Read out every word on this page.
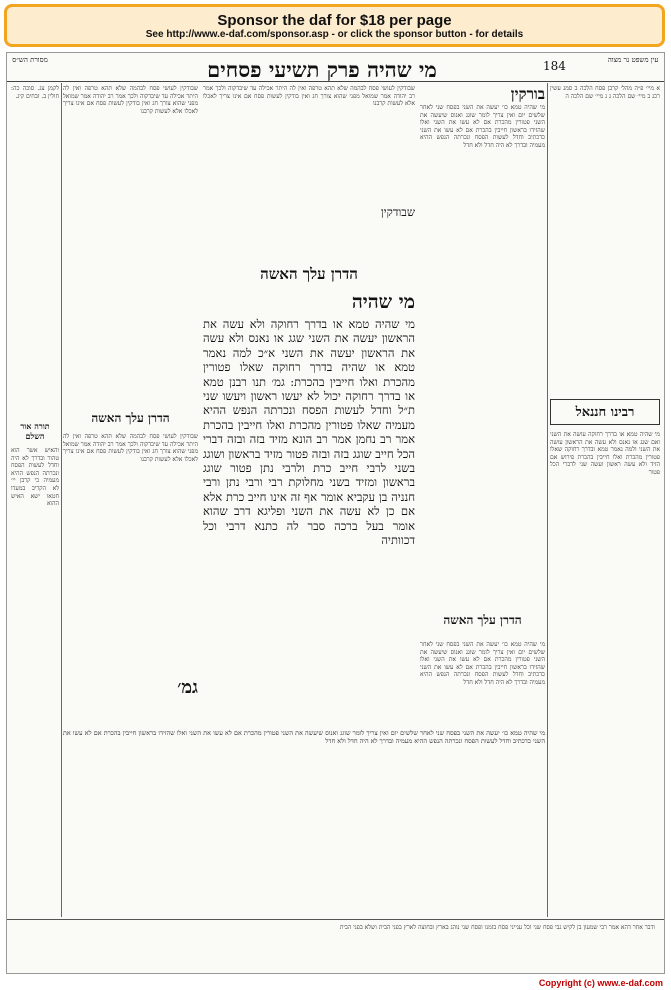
Sponsor the daf for $18 per page
See http://www.e-daf.com/sponsor.asp - or click the sponsor button - for details
מסורת הש״ס	מי שהיה פרק תשיעי פסחים	184	עין משפט נר מצוה
א מיי׳ פ״ה מהל׳ קרבן פסח הלכה ב סמג עשין רכג ב מיי׳ שם הלכה ג ג מיי׳ שם הלכה ה
רבינו חננאל
מי שהיה טמא או בדרך רחוקה עושה את השני ואם שגג או נאנס ולא עשה את הראשון עושה את השני ולמה נאמר טמא ובדרך רחוקה שאלו פטורין מהכרת ואלו חייבין בהכרת פירוש אם הזיד ולא עשה ראשון ועשה שני לדברי הכל פטור
בורקין
מי שהיה טמא כו׳ יעשה את השני בפסח שני לאחר שלשים יום ואין צריך לומר שוגג ואנוס שיעשה את השני פטורין מהכרת אם לא עשו את השני ואלו שהזידו בראשון חייבין בהכרת אם לא עשו את השני כדכתיב וחדל לעשות הפסח ונכרתה הנפש ההיא מעמיה ובדרך לא היה חדל ולא חדל
הדרן עלך האשה
מי שהיה טמא כו׳ יעשה את השני בפסח שני לאחר שלשים יום ואין צריך לומר שוגג ואנוס שיעשה את השני פטורין מהכרת אם לא עשו את השני ואלו שהזידו בראשון חייבין בהכרת אם לא עשו את השני כדכתיב וחדל לעשות הפסח ונכרתה הנפש ההיא מעמיה ובדרך לא היה חדל ולא חדל
שבודקין לעושי פסח לבהמה שלא תהא טרפה ואין לה היתר אכילה עד שיבדקוה ולכך אמר רב יהודה אמר שמואל מפני שהוא צורך חג ואין בודקין לעשות פסח אם אינו צריך לאכלו אלא לעשות קרבנו
שבודקין
הדרן עלך האשה
מי שהיה
מי שהיה טמא או בדרך רחוקה ולא עשה את הראשון יעשה את השני שגג או נאנס ולא עשה את הראשון יעשה את השני א״כ למה נאמר טמא או שהיה בדרך רחוקה שאלו פטורין מהכרת ואלו חייבין בהכרת: גמ׳ תנו רבנן טמא או בדרך רחוקה יכול לא יעשו ראשון ויעשו שני ת״ל וחדל לעשות הפסח ונכרתה הנפש ההיא מעמיה שאלו פטורין מהכרת ואלו חייבין בהכרת אמר רב נחמן אמר רב הונא מזיד בזה ובזה דברי הכל חייב שוגג בזה ובזה פטור מזיד בראשון ושוגג בשני לרבי חייב כרת ולרבי נתן פטור שוגג בראשון ומזיד בשני מחלוקת רבי ורבי נתן ורבי חנניה בן עקביא אומר אף זה אינו חייב כרת אלא אם כן לא עשה את השני ופליגא דרב שהוא אומר בעל ברכה סבר לה כתנא דרבי וכל דכוותיה
שבודקין לעושי פסח לבהמה שלא תהא טרפה ואין לה היתר אכילה עד שיבדקוה ולכך אמר רב יהודה אמר שמואל מפני שהוא צורך חג ואין בודקין לעשות פסח אם אינו צריך לאכלו אלא לעשות קרבנו
הדרן עלך האשה
שבודקין לעושי פסח לבהמה שלא תהא טרפה ואין לה היתר אכילה עד שיבדקוה ולכך אמר רב יהודה אמר שמואל מפני שהוא צורך חג ואין בודקין לעשות פסח אם אינו צריך לאכלו אלא לעשות קרבנו
גמ׳
לקמן צג. סוכה כה: חולין ב. זבחים קיג.
תורה אור השלם
והאיש אשר הוא טהור ובדרך לא היה וחדל לעשות הפסח ונכרתה הנפש ההיא מעמיה כי קרבן יי׳ לא הקריב במעדו חטאו ישא האיש ההוא
מי שהיה טמא כו׳ יעשה את השני בפסח שני לאחר שלשים יום ואין צריך לומר שוגג ואנוס שיעשה את השני פטורין מהכרת אם לא עשו את השני ואלו שהזידו בראשון חייבין בהכרת אם לא עשו את השני כדכתיב וחדל לעשות הפסח ונכרתה הנפש ההיא מעמיה ובדרך לא היה חדל ולא חדל
ודבר אחר דהא אמר רבי שמעון בן לקיש גבי פסח שני וכל ענייני פסח בזמנו ופסח שני נוהג בארץ ובחוצה לארץ בפני הבית ושלא בפני הבית
Copyright (c) www.e-daf.com
